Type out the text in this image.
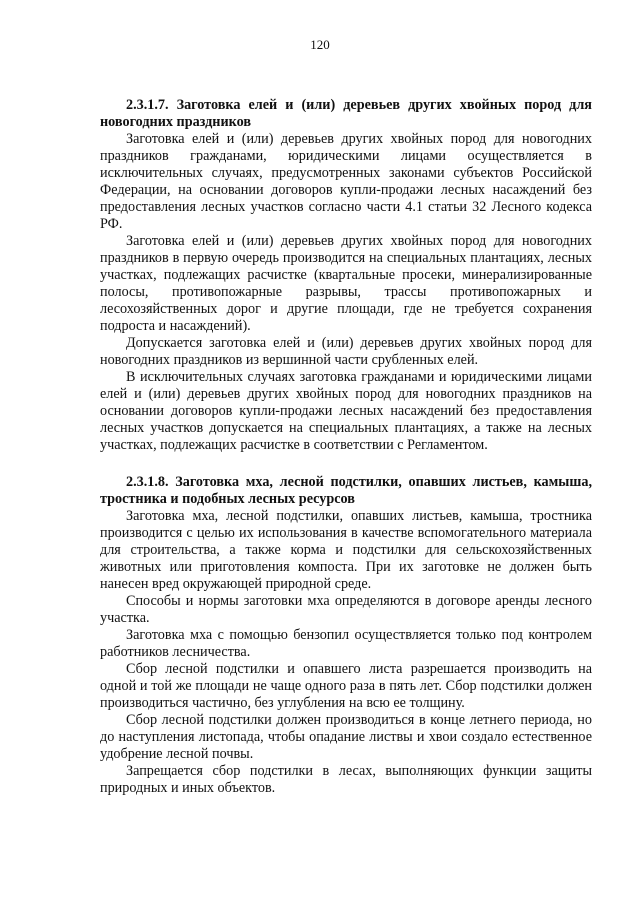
120

2.3.1.7. Заготовка елей и (или) деревьев других хвойных пород для новогодних праздников

Заготовка елей и (или) деревьев других хвойных пород для новогодних праздников гражданами, юридическими лицами осуществляется в исключительных случаях, предусмотренных законами субъектов Российской Федерации, на основании договоров купли-продажи лесных насаждений без предоставления лесных участков согласно части 4.1 статьи 32 Лесного кодекса РФ.

Заготовка елей и (или) деревьев других хвойных пород для новогодних праздников в первую очередь производится на специальных плантациях, лесных участках, подлежащих расчистке (квартальные просеки, минерализированные полосы, противопожарные разрывы, трассы противопожарных и лесохозяйственных дорог и другие площади, где не требуется сохранения подроста и насаждений).

Допускается заготовка елей и (или) деревьев других хвойных пород для новогодних праздников из вершинной части срубленных елей.

В исключительных случаях заготовка гражданами и юридическими лицами елей и (или) деревьев других хвойных пород для новогодних праздников на основании договоров купли-продажи лесных насаждений без предоставления лесных участков допускается на специальных плантациях, а также на лесных участках, подлежащих расчистке в соответствии с Регламентом.

2.3.1.8. Заготовка мха, лесной подстилки, опавших листьев, камыша, тростника и подобных лесных ресурсов

Заготовка мха, лесной подстилки, опавших листьев, камыша, тростника производится с целью их использования в качестве вспомогательного материала для строительства, а также корма и подстилки для сельскохозяйственных животных или приготовления компоста. При их заготовке не должен быть нанесен вред окружающей природной среде.

Способы и нормы заготовки мха определяются в договоре аренды лесного участка.

Заготовка мха с помощью бензопил осуществляется только под контролем работников лесничества.

Сбор лесной подстилки и опавшего листа разрешается производить на одной и той же площади не чаще одного раза в пять лет. Сбор подстилки должен производиться частично, без углубления на всю ее толщину.

Сбор лесной подстилки должен производиться в конце летнего периода, но до наступления листопада, чтобы опадание листвы и хвои создало естественное удобрение лесной почвы.

Запрещается сбор подстилки в лесах, выполняющих функции защиты природных и иных объектов.
